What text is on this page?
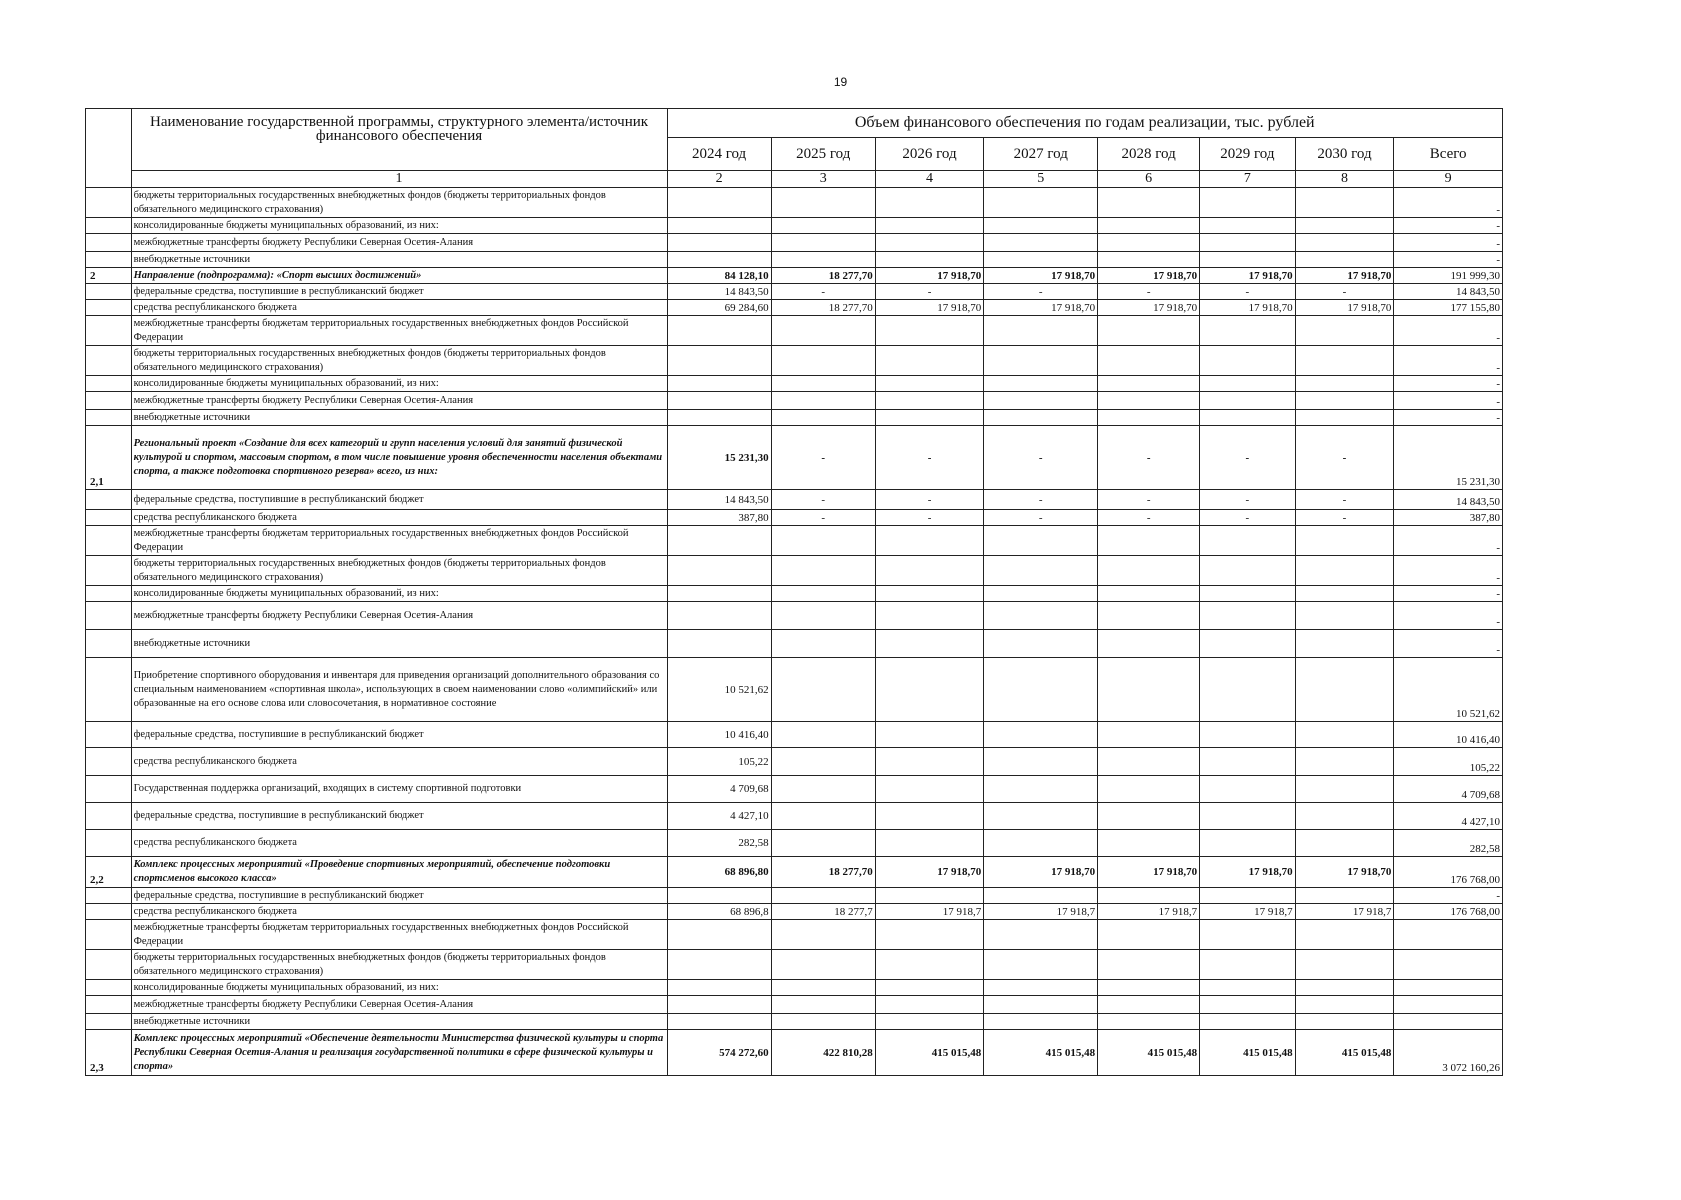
19
	Наименование государственной программы, структурного элемента/источник финансового обеспечения	Объем финансового обеспечения по годам реализации, тыс. рублей							
		2024 год	2025 год	2026 год	2027 год	2028 год	2029 год	2030 год	Всего
	1	2	3	4	5	6	7	8	9
	бюджеты территориальных государственных внебюджетных фондов (бюджеты территориальных фондов обязательного медицинского страхования)								-
	консолидированные бюджеты муниципальных образований, из них:								-
	межбюджетные трансферты бюджету Республики Северная Осетия-Алания								-
	внебюджетные источники								-
2	Направление (подпрограмма): «Спорт высших достижений»	84 128,10	18 277,70	17 918,70	17 918,70	17 918,70	17 918,70	17 918,70	191 999,30
	федеральные средства, поступившие в республиканский бюджет	14 843,50	-	-	-	-	-	-	14 843,50
	средства республиканского бюджета	69 284,60	18 277,70	17 918,70	17 918,70	17 918,70	17 918,70	17 918,70	177 155,80
	межбюджетные трансферты бюджетам территориальных государственных внебюджетных фондов Российской Федерации								-
	бюджеты территориальных государственных внебюджетных фондов (бюджеты территориальных фондов обязательного медицинского страхования)								-
	консолидированные бюджеты муниципальных образований, из них:								-
	межбюджетные трансферты бюджету Республики Северная Осетия-Алания								-
	внебюджетные источники								-
2,1	Региональный проект «Создание для всех категорий и групп населения условий для занятий физической культурой и спортом, массовым спортом, в том числе повышение уровня обеспеченности населения объектами спорта, а также подготовка спортивного резерва» всего, из них:	15 231,30	-	-	-	-	-	-	15 231,30
	федеральные средства, поступившие в республиканский бюджет	14 843,50	-	-	-	-	-	-	14 843,50
	средства республиканского бюджета	387,80	-	-	-	-	-	-	387,80
	межбюджетные трансферты бюджетам территориальных государственных внебюджетных фондов Российской Федерации								-
	бюджеты территориальных государственных внебюджетных фондов (бюджеты территориальных фондов обязательного медицинского страхования)								-
	консолидированные бюджеты муниципальных образований, из них:								-
	межбюджетные трансферты бюджету Республики Северная Осетия-Алания								-
	внебюджетные источники								-
	Приобретение спортивного оборудования и инвентаря для приведения организаций дополнительного образования со специальным наименованием «спортивная школа», использующих в своем наименовании слово «олимпийский» или образованные на его основе слова или словосочетания, в нормативное состояние	10 521,62							10 521,62
	федеральные средства, поступившие в республиканский бюджет	10 416,40							10 416,40
	средства республиканского бюджета	105,22							105,22
	Государственная поддержка организаций, входящих в систему спортивной подготовки	4 709,68							4 709,68
	федеральные средства, поступившие в республиканский бюджет	4 427,10							4 427,10
	средства республиканского бюджета	282,58							282,58
2,2	Комплекс процессных мероприятий «Проведение спортивных мероприятий, обеспечение подготовки спортсменов высокого класса»	68 896,80	18 277,70	17 918,70	17 918,70	17 918,70	17 918,70	17 918,70	176 768,00
	федеральные средства, поступившие в республиканский бюджет								-
	средства республиканского бюджета	68 896,8	18 277,7	17 918,7	17 918,7	17 918,7	17 918,7	17 918,7	176 768,00
	межбюджетные трансферты бюджетам территориальных государственных внебюджетных фондов Российской Федерации								
	бюджеты территориальных государственных внебюджетных фондов (бюджеты территориальных фондов обязательного медицинского страхования)								
	консолидированные бюджеты муниципальных образований, из них:								
	межбюджетные трансферты бюджету Республики Северная Осетия-Алания								
	внебюджетные источники								
2,3	Комплекс процессных мероприятий «Обеспечение деятельности Министерства физической культуры и спорта Республики Северная Осетия-Алания и реализация государственной политики в сфере физической культуры и спорта»	574 272,60	422 810,28	415 015,48	415 015,48	415 015,48	415 015,48	415 015,48	3 072 160,26
